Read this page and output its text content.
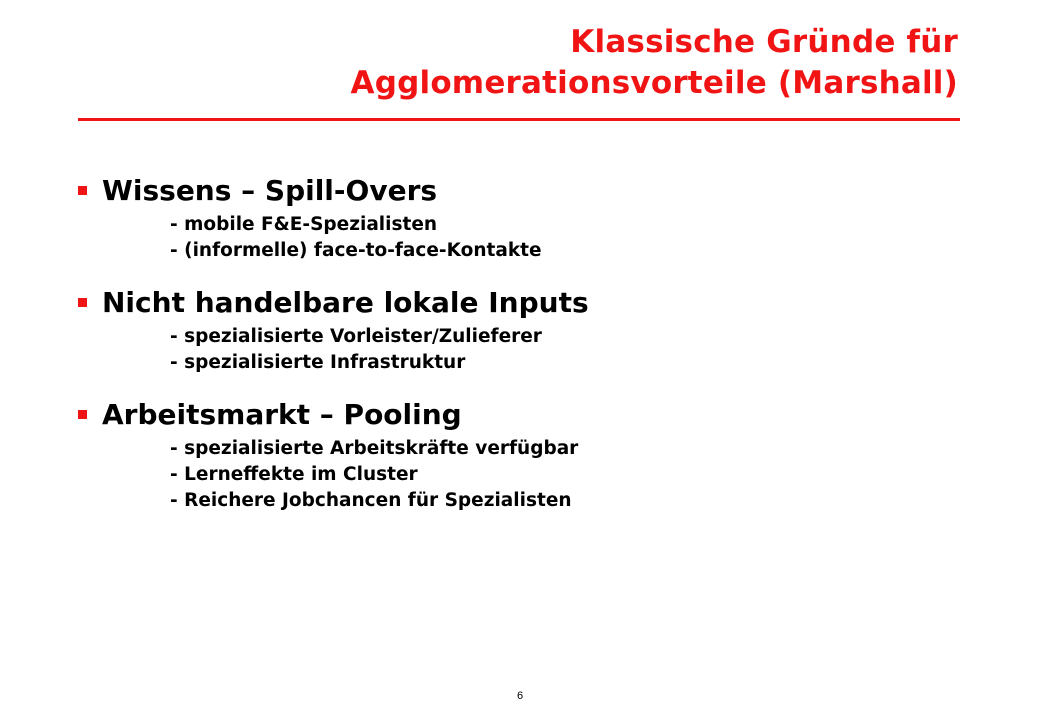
Klassische Gründe für
Agglomerationsvorteile (Marshall)
Wissens – Spill-Overs
- mobile F&E-Spezialisten
- (informelle) face-to-face-Kontakte
Nicht handelbare lokale Inputs
- spezialisierte Vorleister/Zulieferer
- spezialisierte Infrastruktur
Arbeitsmarkt – Pooling
- spezialisierte Arbeitskräfte verfügbar
- Lerneffekte im Cluster
- Reichere Jobchancen für Spezialisten
6
